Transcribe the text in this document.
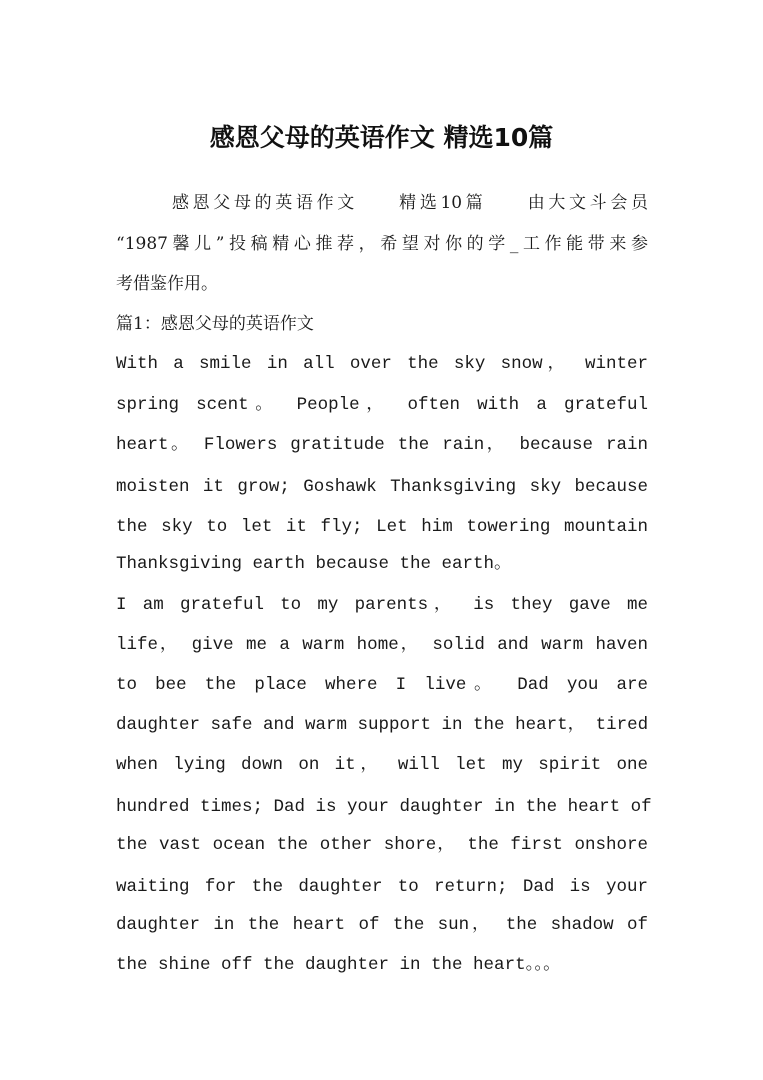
感恩父母的英语作文 精选10篇

感恩父母的英语作文　　精选10篇　　由大文斗会员

“1987馨儿”投稿精心推荐，希望对你的学_工作能带来参

考借鉴作用。

篇1：感恩父母的英语作文

With a smile in all over the sky snow， winter

spring scent。 People， often with a grateful

heart。 Flowers gratitude the rain， because rain

moisten it grow; Goshawk Thanksgiving sky because

the sky to let it fly; Let him towering mountain

Thanksgiving earth because the earth。

I am grateful to my parents， is they gave me

life， give me a warm home， solid and warm haven

to bee the place where I live。 Dad you are

daughter safe and warm support in the heart， tired

when lying down on it， will let my spirit one

hundred times; Dad is your daughter in the heart of

the vast ocean the other shore， the first onshore

waiting for the daughter to return; Dad is your

daughter in the heart of the sun， the shadow of

the shine off the daughter in the heart。。。
